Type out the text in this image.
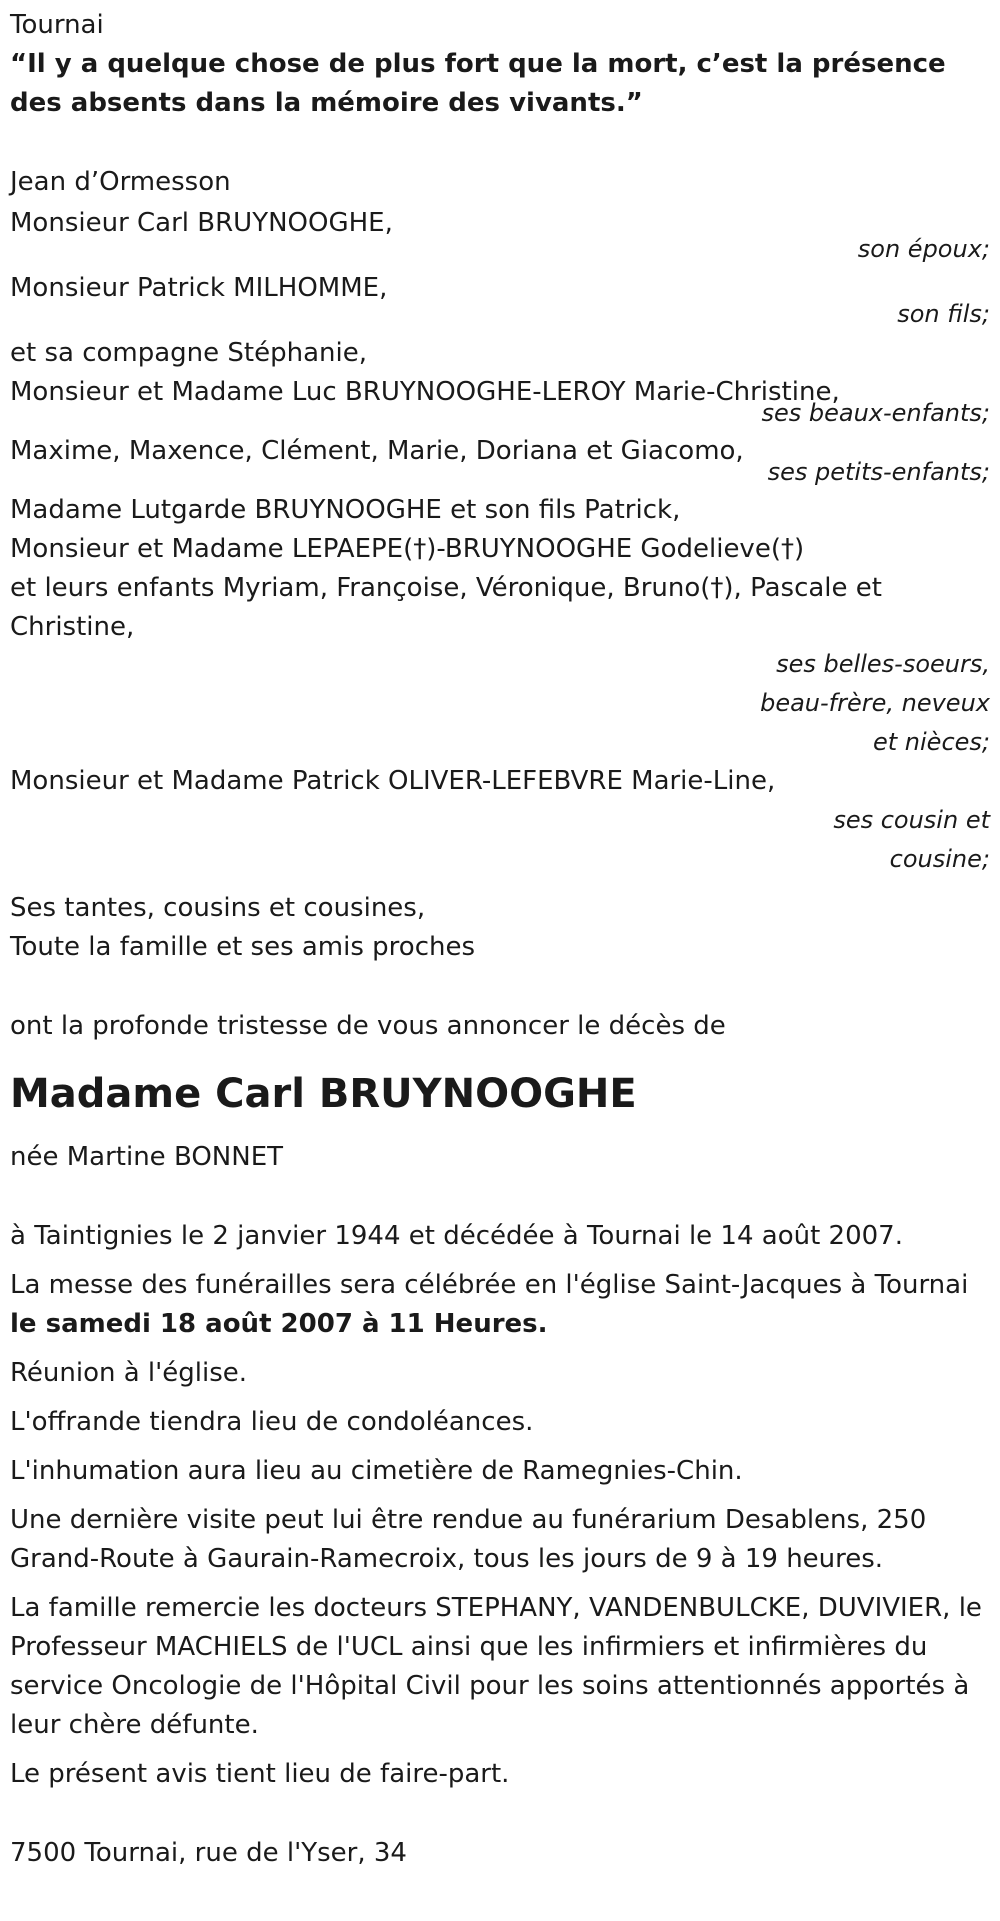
Tournai
“Il y a quelque chose de plus fort que la mort, c’est la présence des absents dans la mémoire des vivants.”
Jean d’Ormesson
Monsieur Carl BRUYNOOGHE,
son époux;
Monsieur Patrick MILHOMME,
son fils;
et sa compagne Stéphanie,
Monsieur et Madame Luc BRUYNOOGHE-LEROY Marie-Christine,
ses beaux-enfants;
Maxime, Maxence, Clément, Marie, Doriana et Giacomo,
ses petits-enfants;
Madame Lutgarde BRUYNOOGHE et son fils Patrick,
Monsieur et Madame LEPAEPE(†)-BRUYNOOGHE Godelieve(†)
et leurs enfants Myriam, Françoise, Véronique, Bruno(†), Pascale et Christine,
ses belles-soeurs,
beau-frère, neveux
et nièces;
Monsieur et Madame Patrick OLIVER-LEFEBVRE Marie-Line,
ses cousin et
cousine;
Ses tantes, cousins et cousines,
Toute la famille et ses amis proches
ont la profonde tristesse de vous annoncer le décès de
Madame Carl BRUYNOOGHE
née Martine BONNET
à Taintignies le 2 janvier 1944 et décédée à Tournai le 14 août 2007.
La messe des funérailles sera célébrée en l'église Saint-Jacques à Tournai
le samedi 18 août 2007 à 11 Heures.
Réunion à l'église.
L'offrande tiendra lieu de condoléances.
L'inhumation aura lieu au cimetière de Ramegnies-Chin.
Une dernière visite peut lui être rendue au funérarium Desablens, 250 Grand-Route à Gaurain-Ramecroix, tous les jours de 9 à 19 heures.
La famille remercie les docteurs STEPHANY, VANDENBULCKE, DUVIVIER, le Professeur MACHIELS de l'UCL ainsi que les infirmiers et infirmières du service Oncologie de l'Hôpital Civil pour les soins attentionnés apportés à leur chère défunte.
Le présent avis tient lieu de faire-part.
7500 Tournai, rue de l'Yser, 34
